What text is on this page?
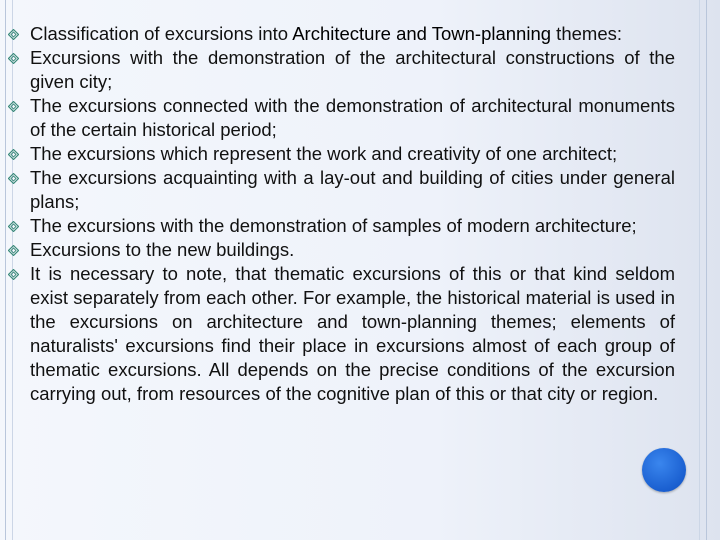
Classification of excursions into Architecture and Town-planning themes:
Excursions with the demonstration of the architectural constructions of the given city;
The excursions connected with the demonstration of architectural monuments of the certain historical period;
The excursions which represent the work and creativity of one architect;
The excursions acquainting with a lay-out and building of cities under general plans;
The excursions with the demonstration of samples of modern architecture;
Excursions to the new buildings.
It is necessary to note, that thematic excursions of this or that kind seldom exist separately from each other. For example, the historical material is used in the excursions on architecture and town-planning themes; elements of naturalists' excursions find their place in excursions almost of each group of thematic excursions. All depends on the precise conditions of the excursion carrying out, from resources of the cognitive plan of this or that city or region.
